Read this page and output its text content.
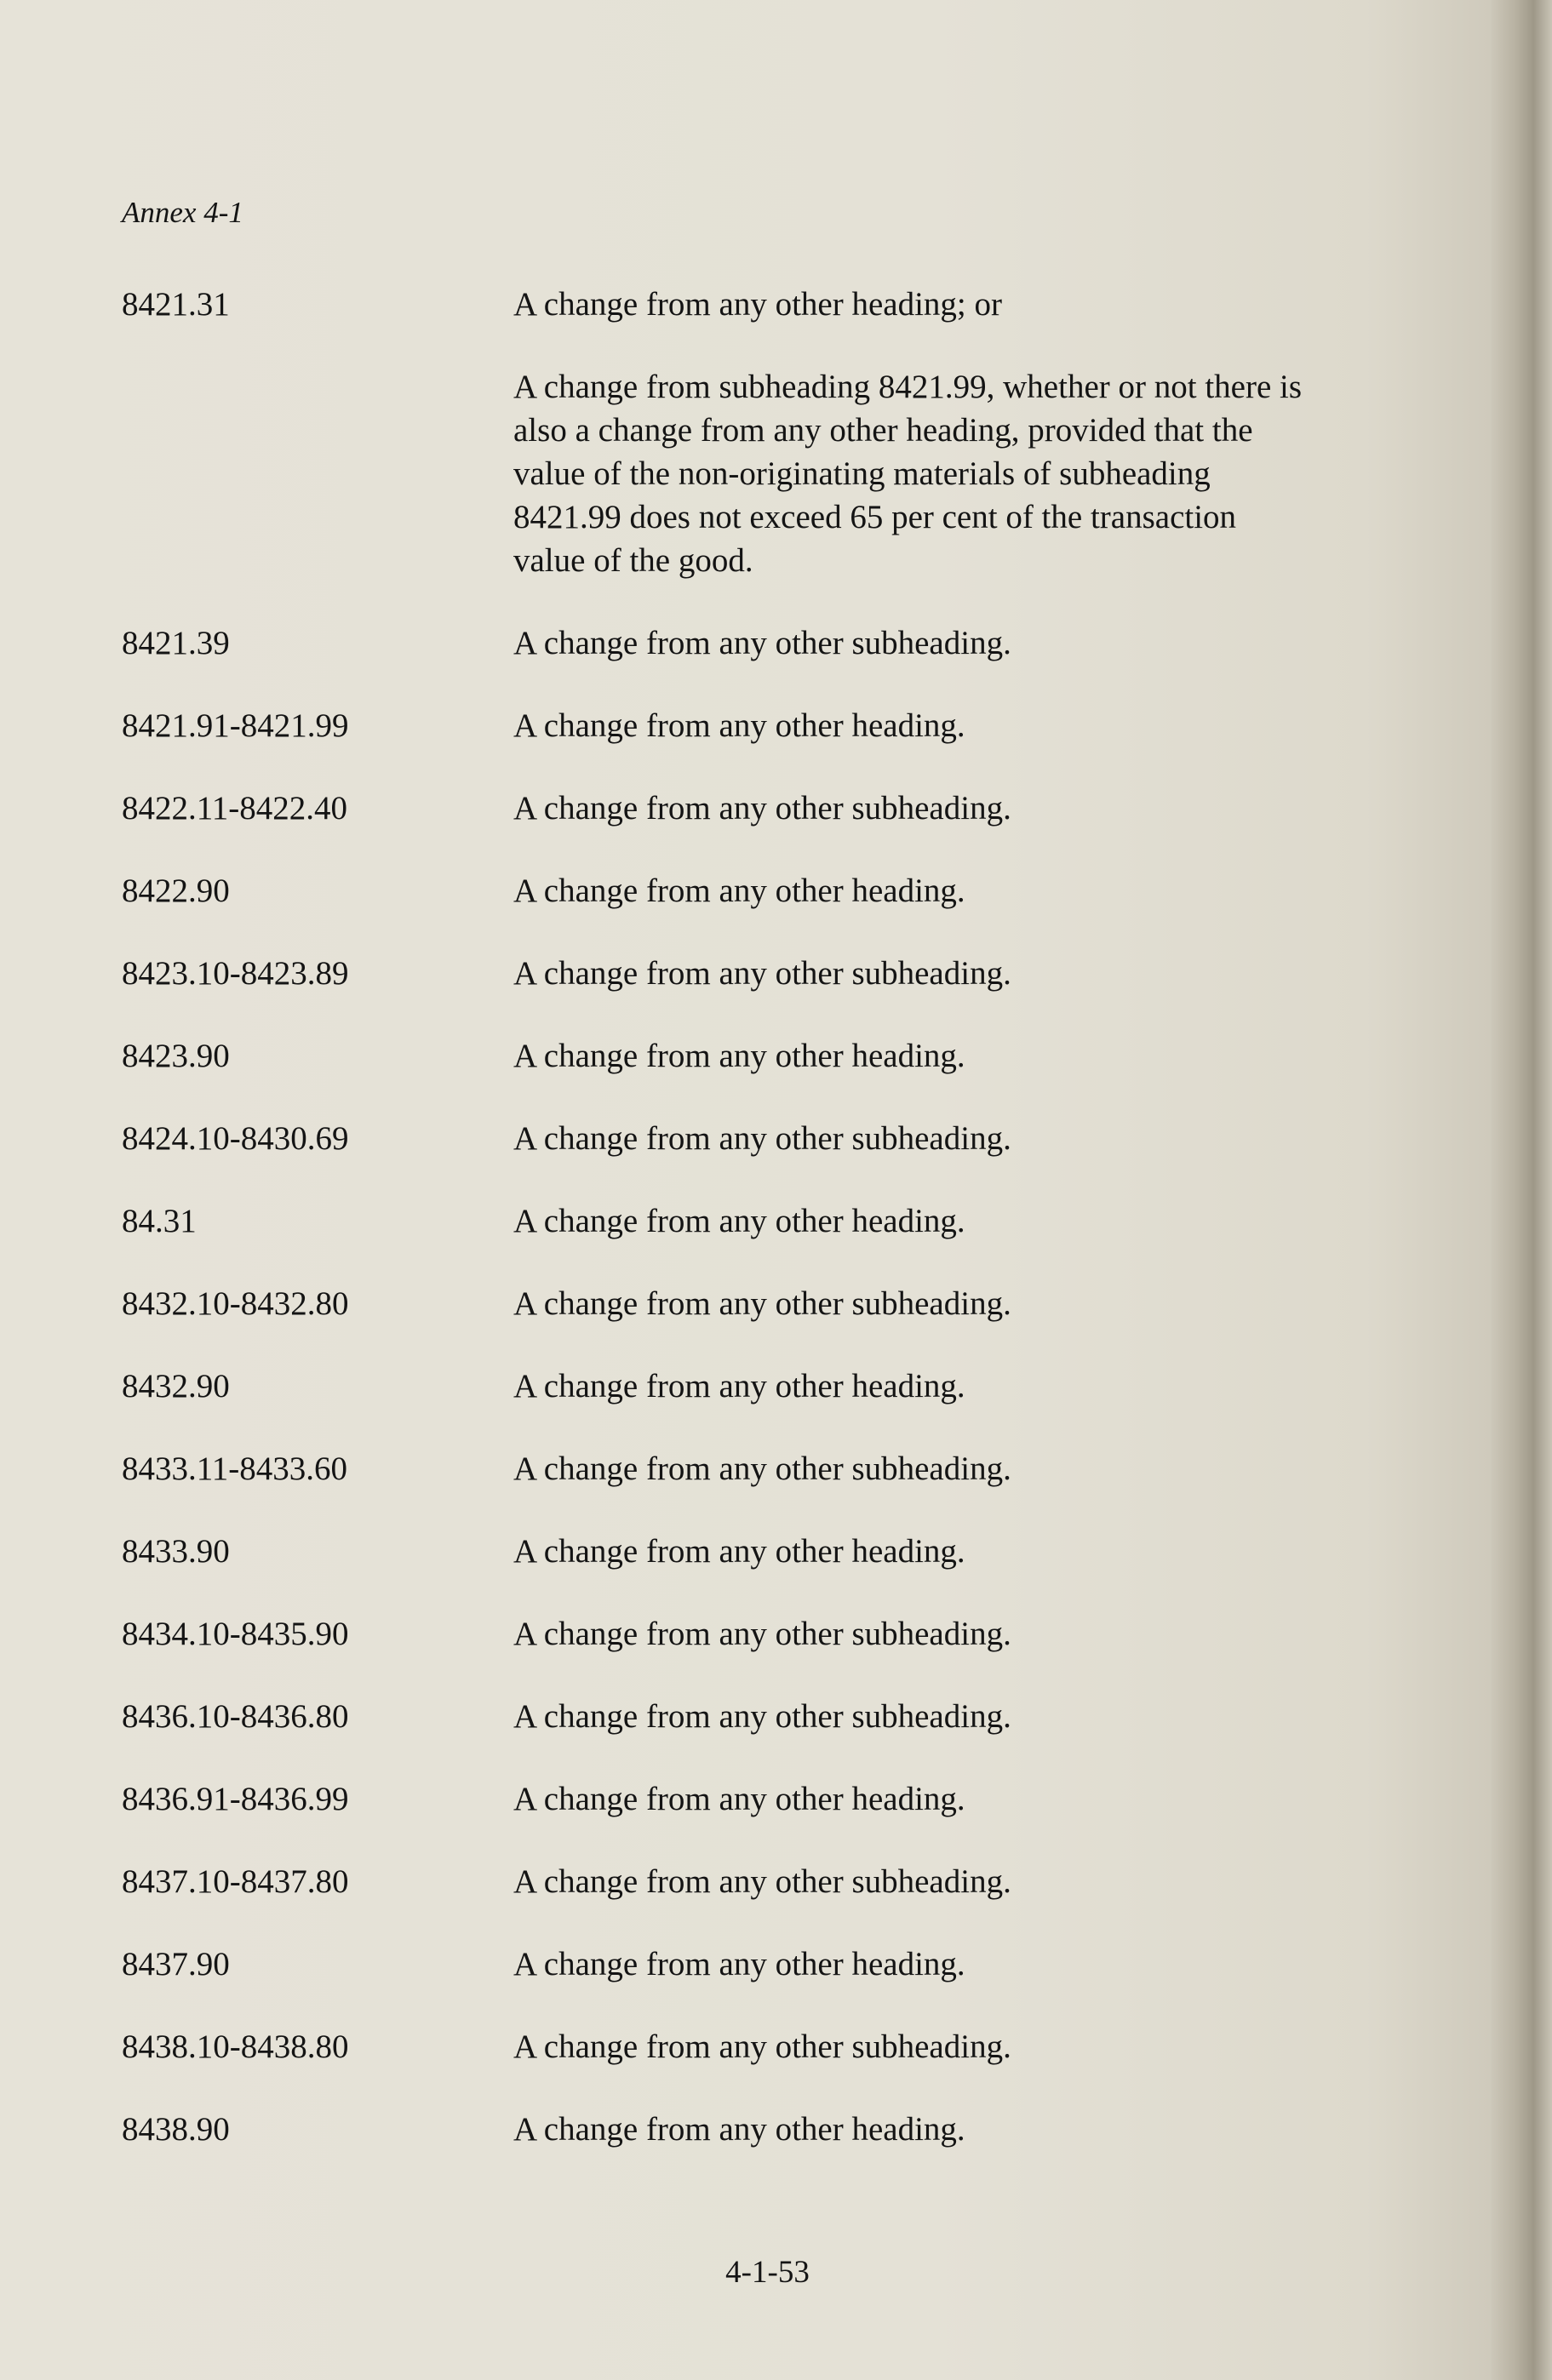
Annex 4-1
8421.31	A change from any other heading; or
A change from subheading 8421.99, whether or not there is also a change from any other heading, provided that the value of the non-originating materials of subheading 8421.99 does not exceed 65 per cent of the transaction value of the good.
8421.39	A change from any other subheading.
8421.91-8421.99	A change from any other heading.
8422.11-8422.40	A change from any other subheading.
8422.90	A change from any other heading.
8423.10-8423.89	A change from any other subheading.
8423.90	A change from any other heading.
8424.10-8430.69	A change from any other subheading.
84.31	A change from any other heading.
8432.10-8432.80	A change from any other subheading.
8432.90	A change from any other heading.
8433.11-8433.60	A change from any other subheading.
8433.90	A change from any other heading.
8434.10-8435.90	A change from any other subheading.
8436.10-8436.80	A change from any other subheading.
8436.91-8436.99	A change from any other heading.
8437.10-8437.80	A change from any other subheading.
8437.90	A change from any other heading.
8438.10-8438.80	A change from any other subheading.
8438.90	A change from any other heading.
4-1-53
